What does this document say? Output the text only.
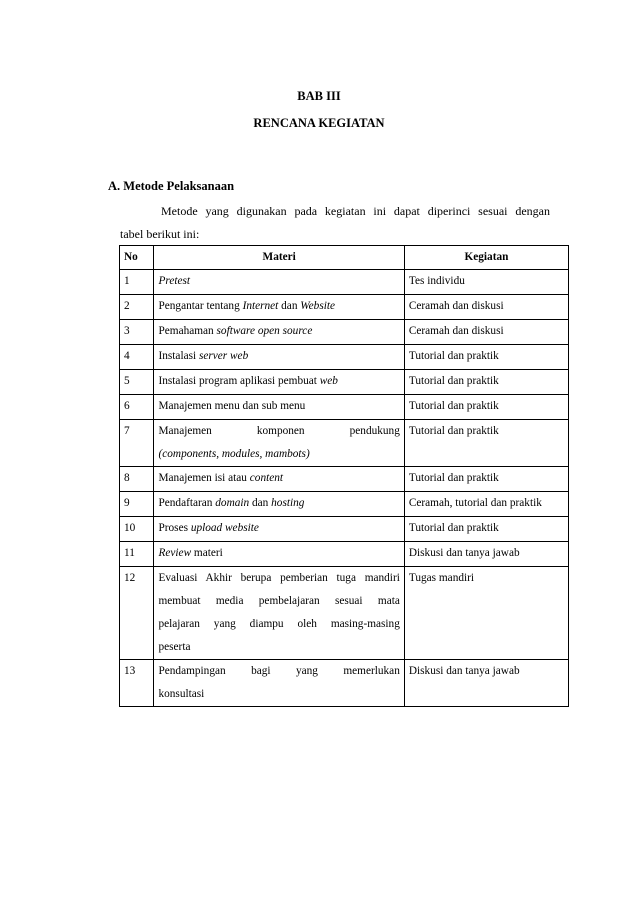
BAB III
RENCANA KEGIATAN
A. Metode Pelaksanaan
Metode yang digunakan pada kegiatan ini dapat diperinci sesuai dengan
tabel berikut ini:
No	Materi	Kegiatan
1	Pretest	Tes individu
2	Pengantar tentang Internet dan Website	Ceramah dan diskusi
3	Pemahaman software open source	Ceramah dan diskusi
4	Instalasi server web	Tutorial dan praktik
5	Instalasi program aplikasi pembuat web	Tutorial dan praktik
6	Manajemen menu dan sub menu	Tutorial dan praktik
7	Manajemen komponen pendukung
(components, modules, mambots)	Tutorial dan praktik
8	Manajemen isi atau content	Tutorial dan praktik
9	Pendaftaran domain dan hosting	Ceramah, tutorial dan praktik
10	Proses upload website	Tutorial dan praktik
11	Review materi	Diskusi dan tanya jawab
12	Evaluasi Akhir berupa pemberian tuga mandiri
membuat media pembelajaran sesuai mata
pelajaran yang diampu oleh masing-masing
peserta	Tugas mandiri
13	Pendampingan bagi yang memerlukan
konsultasi	Diskusi dan tanya jawab
